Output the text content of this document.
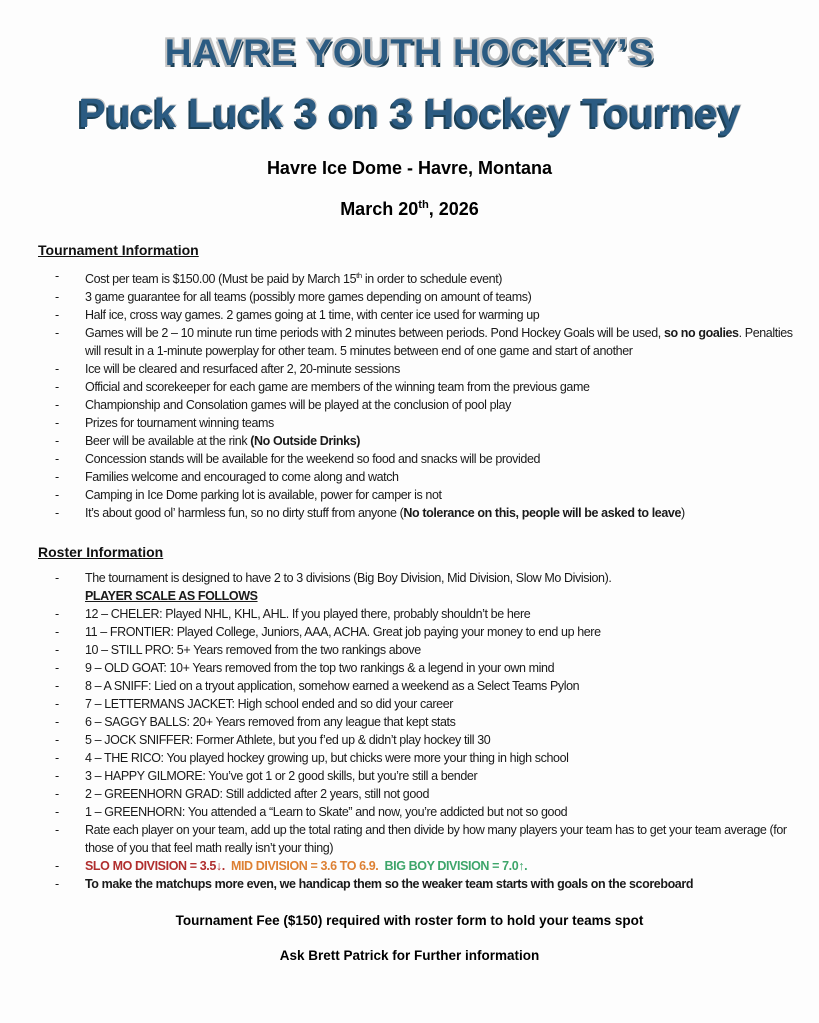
HAVRE YOUTH HOCKEY’S
Puck Luck 3 on 3 Hockey Tourney
Havre Ice Dome - Havre, Montana
March 20th, 2026
Tournament Information
-	Cost per team is $150.00 (Must be paid by March 15th in order to schedule event)
-	3 game guarantee for all teams (possibly more games depending on amount of teams)
-	Half ice, cross way games. 2 games going at 1 time, with center ice used for warming up
-	Games will be 2 – 10 minute run time periods with 2 minutes between periods. Pond Hockey Goals will be used, so no goalies. Penalties will result in a 1-minute powerplay for other team. 5 minutes between end of one game and start of another
-	Ice will be cleared and resurfaced after 2, 20-minute sessions
-	Official and scorekeeper for each game are members of the winning team from the previous game
-	Championship and Consolation games will be played at the conclusion of pool play
-	Prizes for tournament winning teams
-	Beer will be available at the rink (No Outside Drinks)
-	Concession stands will be available for the weekend so food and snacks will be provided
-	Families welcome and encouraged to come along and watch
-	Camping in Ice Dome parking lot is available, power for camper is not
-	It’s about good ol’ harmless fun, so no dirty stuff from anyone (No tolerance on this, people will be asked to leave)
Roster Information
-	The tournament is designed to have 2 to 3 divisions (Big Boy Division, Mid Division, Slow Mo Division).
PLAYER SCALE AS FOLLOWS
-	12 – CHELER: Played NHL, KHL, AHL. If you played there, probably shouldn’t be here
-	11 – FRONTIER: Played College, Juniors, AAA, ACHA. Great job paying your money to end up here
-	10 – STILL PRO: 5+ Years removed from the two rankings above
-	9 – OLD GOAT: 10+ Years removed from the top two rankings & a legend in your own mind
-	8 – A SNIFF: Lied on a tryout application, somehow earned a weekend as a Select Teams Pylon
-	7 – LETTERMANS JACKET: High school ended and so did your career
-	6 – SAGGY BALLS: 20+ Years removed from any league that kept stats
-	5 – JOCK SNIFFER: Former Athlete, but you f’ed up & didn’t play hockey till 30
-	4 – THE RICO: You played hockey growing up, but chicks were more your thing in high school
-	3 – HAPPY GILMORE: You’ve got 1 or 2 good skills, but you’re still a bender
-	2 – GREENHORN GRAD: Still addicted after 2 years, still not good
-	1 – GREENHORN: You attended a “Learn to Skate” and now, you’re addicted but not so good
-	Rate each player on your team, add up the total rating and then divide by how many players your team has to get your team average (for those of you that feel math really isn’t your thing)
-	SLO MO DIVISION = 3.5↓. MID DIVISION = 3.6 TO 6.9. BIG BOY DIVISION = 7.0↑.
-	To make the matchups more even, we handicap them so the weaker team starts with goals on the scoreboard
Tournament Fee ($150) required with roster form to hold your teams spot
Ask Brett Patrick for Further information
